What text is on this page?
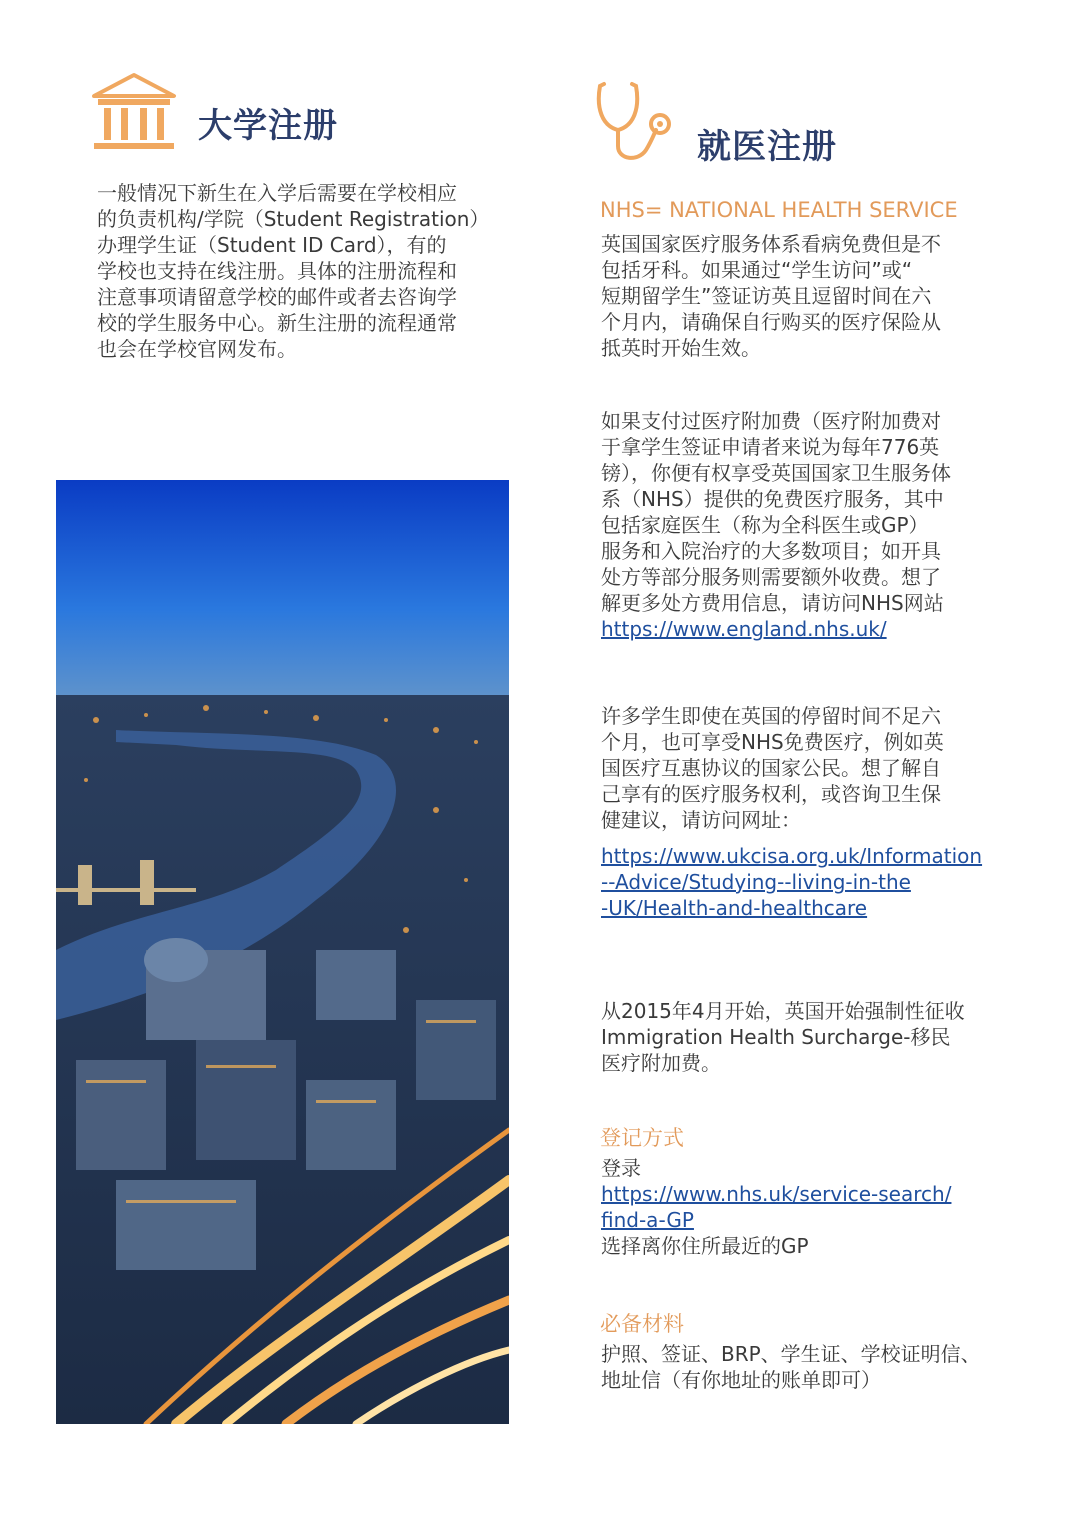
大学注册

一般情况下新生在入学后需要在学校相应
的负责机构/学院（Student Registration）
办理学生证（Student ID Card），有的
学校也支持在线注册。具体的注册流程和
注意事项请留意学校的邮件或者去咨询学
校的学生服务中心。新生注册的流程通常
也会在学校官网发布。

就医注册
NHS= NATIONAL HEALTH SERVICE

英国国家医疗服务体系看病免费但是不
包括牙科。如果通过“学生访问”或“
短期留学生”签证访英且逗留时间在六
个月内，请确保自行购买的医疗保险从
抵英时开始生效。

如果支付过医疗附加费（医疗附加费对
于拿学生签证申请者来说为每年776英
镑），你便有权享受英国国家卫生服务体
系（NHS）提供的免费医疗服务，其中
包括家庭医生（称为全科医生或GP）
服务和入院治疗的大多数项目；如开具
处方等部分服务则需要额外收费。想了
解更多处方费用信息，请访问NHS网站

https://www.england.nhs.uk/

许多学生即使在英国的停留时间不足六
个月，也可享受NHS免费医疗，例如英
国医疗互惠协议的国家公民。想了解自
己享有的医疗服务权利，或咨询卫生保
健建议，请访问网址：

https://www.ukcisa.org.uk/Information
--Advice/Studying--living-in-the
-UK/Health-and-healthcare

从2015年4月开始，英国开始强制性征收
Immigration Health Surcharge-移民
医疗附加费。

登记方式

登录

https://www.nhs.uk/service-search/
find-a-GP

选择离你住所最近的GP

必备材料

护照、签证、BRP、学生证、学校证明信、
地址信（有你地址的账单即可）
